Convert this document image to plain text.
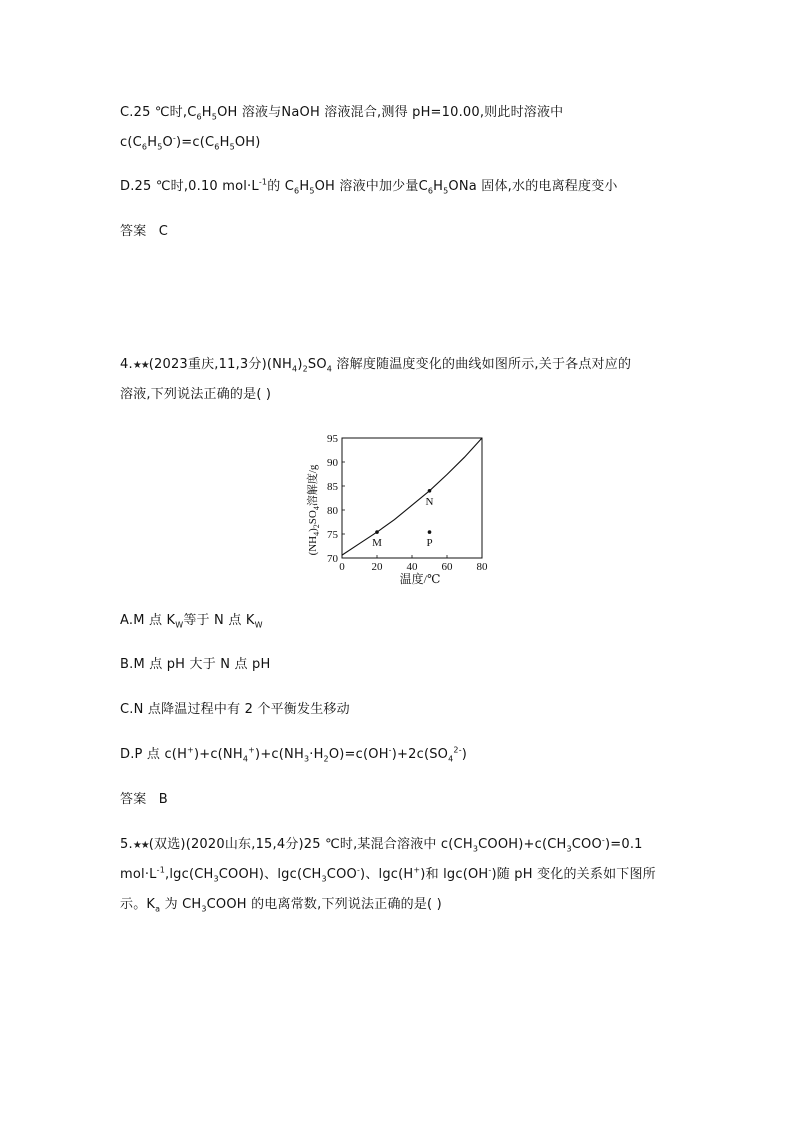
C.25 ℃时$,C_6H_5OH$ 溶液与NaOH 溶液混合,测得 pH=10.00,则此时溶液中

$c(C_6H_5O^-)=c(C_6H_5OH)$

D.25 ℃时,0.10 $mol\cdot L^{-1}$的 $C_6H_5OH$ 溶液中加少量$C_6H_5ONa$ 固体,水的电离程度变小

答案 C

4.★★(2023重庆,11,3分)$(NH_4)_2SO_4$ 溶解度随温度变化的曲线如图所示,关于各点对应的

溶液,下列说法正确的是( )

0 20 40 60 80
70
75
80
85
90
95
M
N
P
温度/℃
$(NH_4)_2SO_4$溶解度/g

A.M 点 $K_W$等于 N 点 $K_W$

B.M 点 pH 大于 N 点 pH

C.N 点降温过程中有 2 个平衡发生移动

D.P 点 $c(H^+)+c(NH_4^+)+c(NH_3\cdot H_2O)=c(OH^-)+2c(SO_4^{2-})$

答案 B

5.★★(双选)(2020山东,15,4分)25 ℃时,某混合溶液中 $c(CH_3COOH)+c(CH_3COO^-)=0.1$

$mol\cdot L^{-1},\lg c(CH_3COOH)$、$\lg c(CH_3COO^-)$、lgc(H+)和 lgc(OH-)随 pH 变化的关系如下图所

示。$K_a$ 为 $CH_3COOH$ 的电离常数,下列说法正确的是( )
